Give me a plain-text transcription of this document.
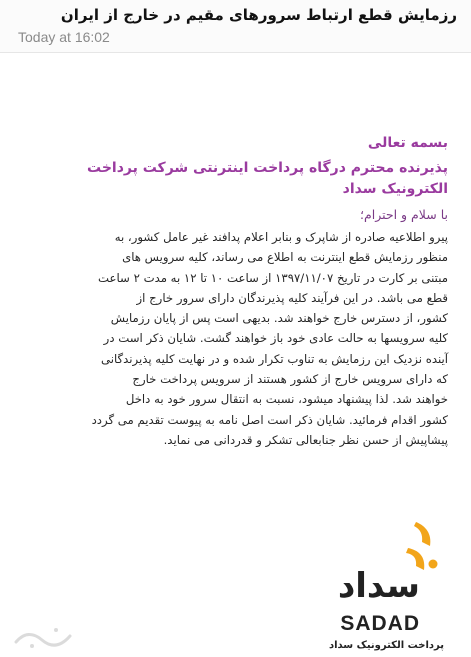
رزمایش قطع ارتباط سرورهای مقیم در خارج از ایران
Today at 16:02
بسمه تعالی
پذیرنده محترم درگاه پرداخت اینترنتی شرکت پرداخت
الکترونیک سداد
با سلام و احترام؛
پیرو اطلاعیه صادره از شاپرک و بنابر اعلام پدافند غیر عامل کشور، به
منظور رزمایش قطع اینترنت به اطلاع می رساند، کلیه سرویس های
مبتنی بر کارت در تاریخ ۱۳۹۷/۱۱/۰۷ از ساعت ۱۰ تا ۱۲ به مدت ۲ ساعت
قطع می باشد. در این فرآیند کلیه پذیرندگان دارای سرور خارج از
کشور، از دسترس خارج خواهند شد. بدیهی است پس از پایان رزمایش
کلیه سرویسها به حالت عادی خود باز خواهند گشت. شایان ذکر است در
آینده نزدیک این رزمایش به تناوب تکرار شده و در نهایت کلیه پذیرندگانی
که دارای سرویس خارج از کشور هستند از سرویس پرداخت خارج
خواهند شد. لذا پیشنهاد میشود، نسبت به انتقال سرور خود به داخل
کشور اقدام فرمائید. شایان ذکر است اصل نامه به پیوست تقدیم می گردد
پیشاپیش از حسن نظر جنابعالی تشکر و قدردانی می نماید.
سداد
SADAD
پرداخت الکترونیک سداد
